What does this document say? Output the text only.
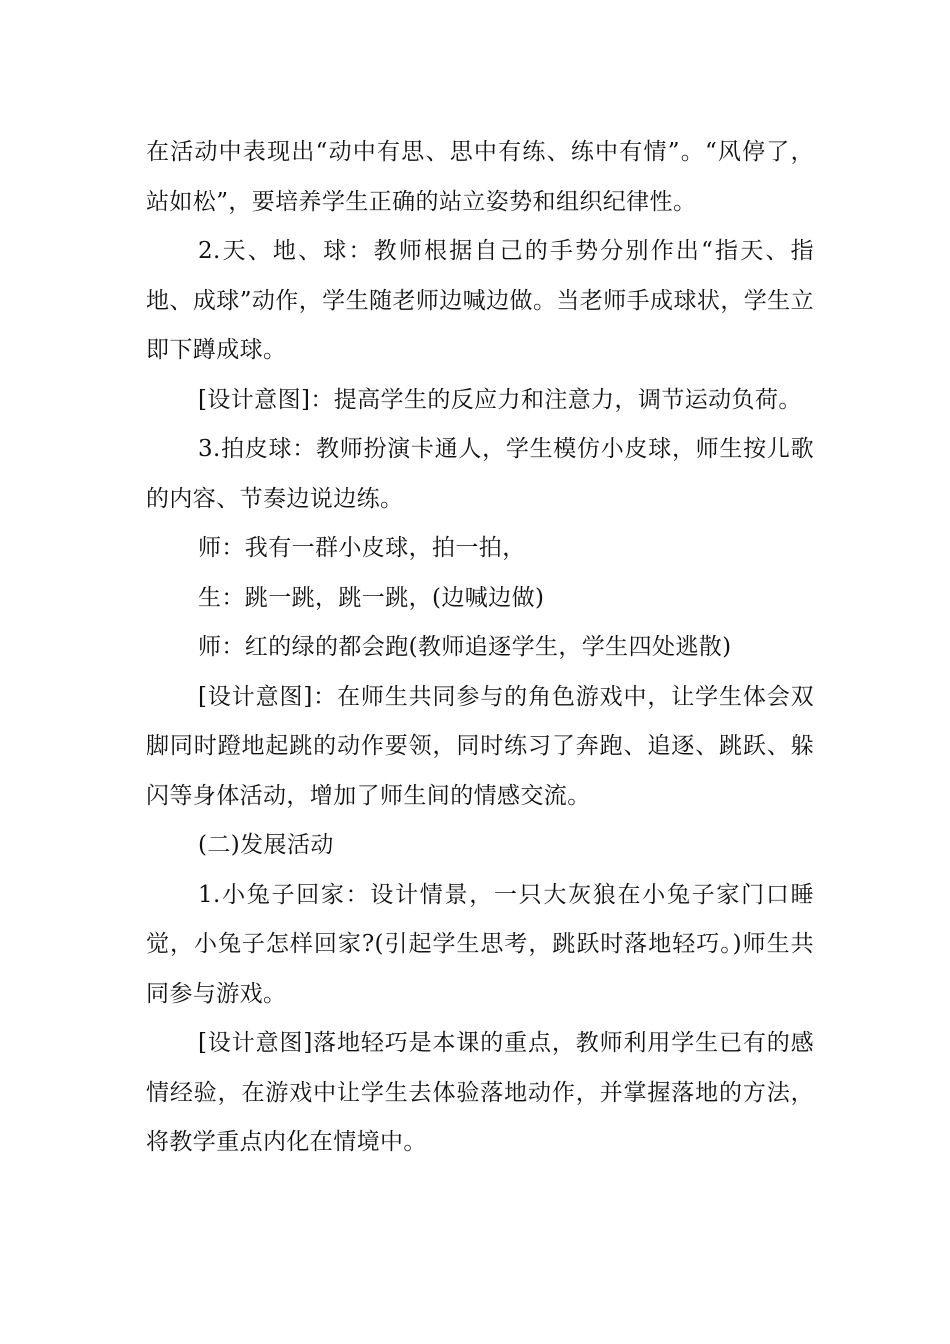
在活动中表现出“动中有思、思中有练、练中有情”。“风停了，站如松”，要培养学生正确的站立姿势和组织纪律性。

2.天、地、球：教师根据自己的手势分别作出“指天、指地、成球”动作，学生随老师边喊边做。当老师手成球状，学生立即下蹲成球。

[设计意图]：提高学生的反应力和注意力，调节运动负荷。

3.拍皮球：教师扮演卡通人，学生模仿小皮球，师生按儿歌的内容、节奏边说边练。

师：我有一群小皮球，拍一拍，

生：跳一跳，跳一跳，(边喊边做)

师：红的绿的都会跑(教师追逐学生，学生四处逃散)

[设计意图]：在师生共同参与的角色游戏中，让学生体会双脚同时蹬地起跳的动作要领，同时练习了奔跑、追逐、跳跃、躲闪等身体活动，增加了师生间的情感交流。

(二)发展活动

1.小兔子回家：设计情景，一只大灰狼在小兔子家门口睡觉，小兔子怎样回家?(引起学生思考，跳跃时落地轻巧。)师生共同参与游戏。

[设计意图]落地轻巧是本课的重点，教师利用学生已有的感情经验，在游戏中让学生去体验落地动作，并掌握落地的方法，将教学重点内化在情境中。
